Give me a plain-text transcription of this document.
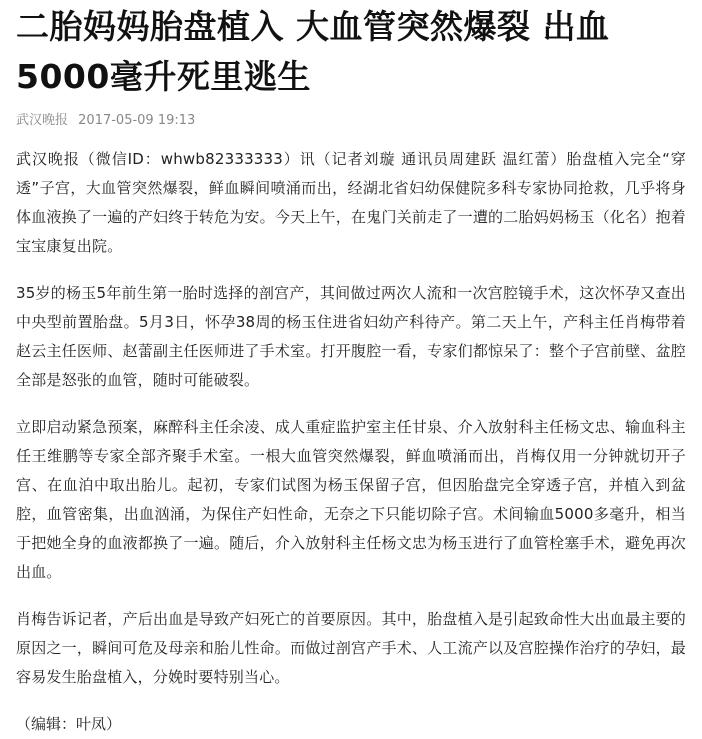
二胎妈妈胎盘植入 大血管突然爆裂 出血5000毫升死里逃生
武汉晚报 2017-05-09 19:13

武汉晚报（微信ID：whwb82333333）讯（记者刘璇 通讯员周建跃 温红蕾）胎盘植入完全“穿透”子宫，大血管突然爆裂，鲜血瞬间喷涌而出，经湖北省妇幼保健院多科专家协同抢救，几乎将身体血液换了一遍的产妇终于转危为安。今天上午，在鬼门关前走了一遭的二胎妈妈杨玉（化名）抱着宝宝康复出院。

35岁的杨玉5年前生第一胎时选择的剖宫产，其间做过两次人流和一次宫腔镜手术，这次怀孕又查出中央型前置胎盘。5月3日，怀孕38周的杨玉住进省妇幼产科待产。第二天上午，产科主任肖梅带着赵云主任医师、赵蕾副主任医师进了手术室。打开腹腔一看，专家们都惊呆了：整个子宫前壁、盆腔全部是怒张的血管，随时可能破裂。

立即启动紧急预案，麻醉科主任余凌、成人重症监护室主任甘泉、介入放射科主任杨文忠、输血科主任王维鹏等专家全部齐聚手术室。一根大血管突然爆裂，鲜血喷涌而出，肖梅仅用一分钟就切开子宫、在血泊中取出胎儿。起初，专家们试图为杨玉保留子宫，但因胎盘完全穿透子宫，并植入到盆腔，血管密集，出血汹涌，为保住产妇性命，无奈之下只能切除子宫。术间输血5000多毫升，相当于把她全身的血液都换了一遍。随后，介入放射科主任杨文忠为杨玉进行了血管栓塞手术，避免再次出血。

肖梅告诉记者，产后出血是导致产妇死亡的首要原因。其中，胎盘植入是引起致命性大出血最主要的原因之一，瞬间可危及母亲和胎儿性命。而做过剖宫产手术、人工流产以及宫腔操作治疗的孕妇，最容易发生胎盘植入，分娩时要特别当心。

（编辑：叶凤）
